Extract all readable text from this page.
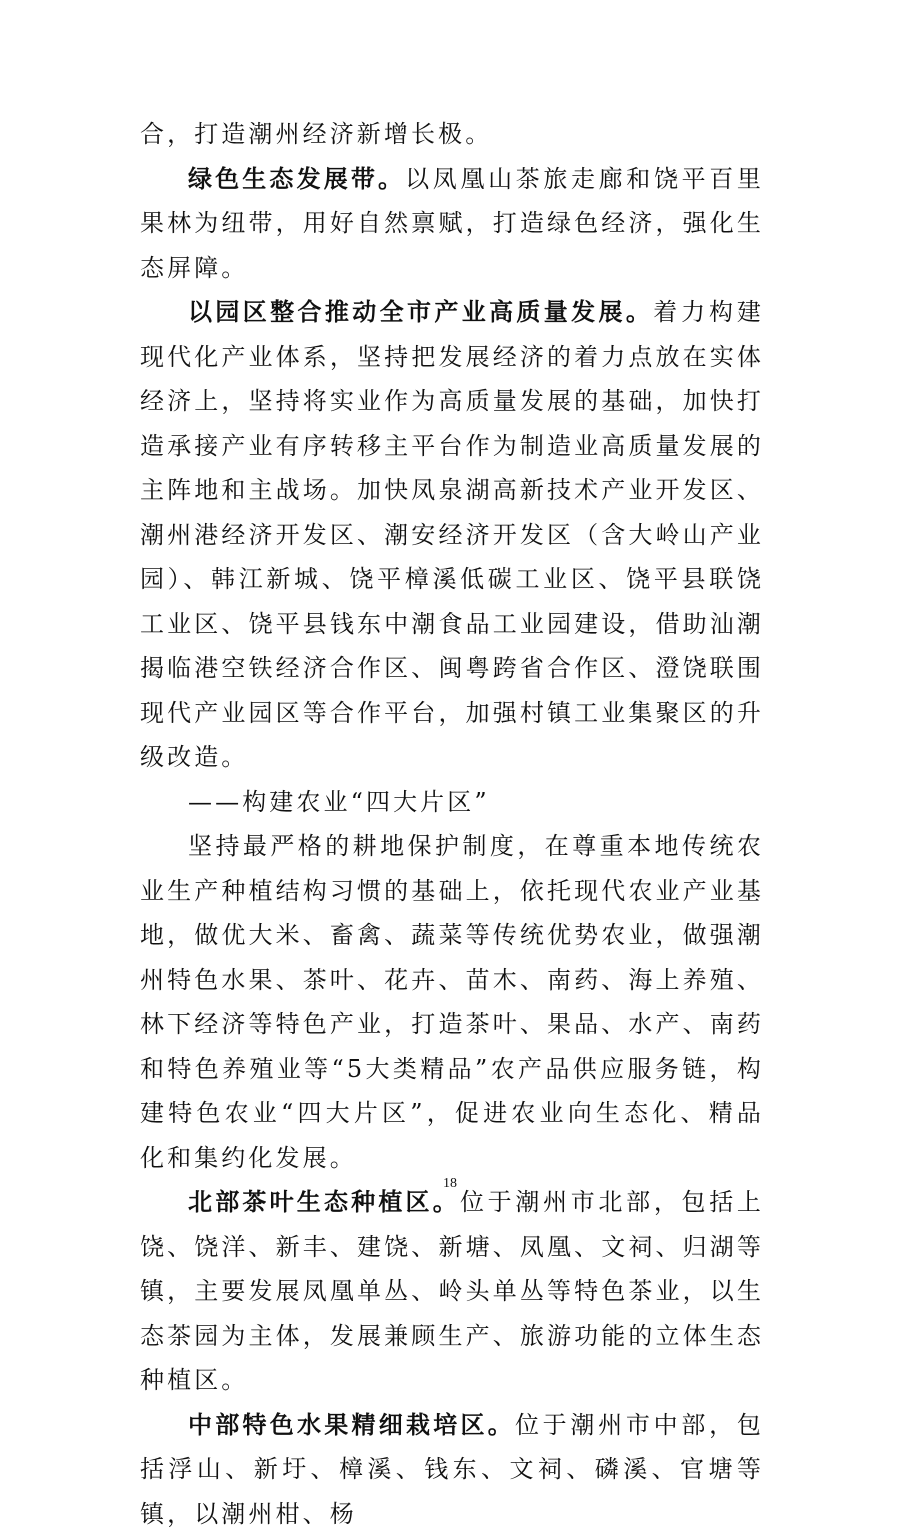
合，打造潮州经济新增长极。

绿色生态发展带。以凤凰山茶旅走廊和饶平百里果林为纽带，用好自然禀赋，打造绿色经济，强化生态屏障。

以园区整合推动全市产业高质量发展。着力构建现代化产业体系，坚持把发展经济的着力点放在实体经济上，坚持将实业作为高质量发展的基础，加快打造承接产业有序转移主平台作为制造业高质量发展的主阵地和主战场。加快凤泉湖高新技术产业开发区、潮州港经济开发区、潮安经济开发区（含大岭山产业园）、韩江新城、饶平樟溪低碳工业区、饶平县联饶工业区、饶平县钱东中潮食品工业园建设，借助汕潮揭临港空铁经济合作区、闽粤跨省合作区、澄饶联围现代产业园区等合作平台，加强村镇工业集聚区的升级改造。

——构建农业“四大片区”

坚持最严格的耕地保护制度，在尊重本地传统农业生产种植结构习惯的基础上，依托现代农业产业基地，做优大米、畜禽、蔬菜等传统优势农业，做强潮州特色水果、茶叶、花卉、苗木、南药、海上养殖、林下经济等特色产业，打造茶叶、果品、水产、南药和特色养殖业等“5大类精品”农产品供应服务链，构建特色农业“四大片区”，促进农业向生态化、精品化和集约化发展。

北部茶叶生态种植区。位于潮州市北部，包括上饶、饶洋、新丰、建饶、新塘、凤凰、文祠、归湖等镇，主要发展凤凰单丛、岭头单丛等特色茶业，以生态茶园为主体，发展兼顾生产、旅游功能的立体生态种植区。

中部特色水果精细栽培区。位于潮州市中部，包括浮山、新圩、樟溪、钱东、文祠、磷溪、官塘等镇，以潮州柑、杨

18
